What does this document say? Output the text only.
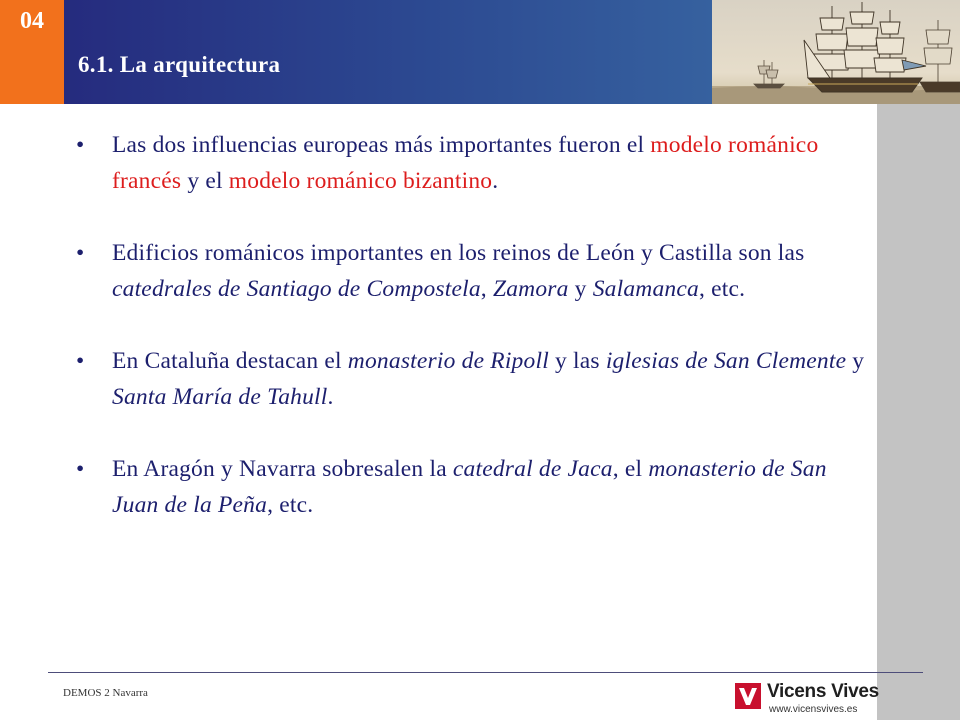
04
6.1. La arquitectura
• Las dos influencias europeas más importantes fueron el modelo románico francés y el modelo románico bizantino.
• Edificios románicos importantes en los reinos de León y Castilla son las catedrales de Santiago de Compostela, Zamora y Salamanca, etc.
• En Cataluña destacan el monasterio de Ripoll y las iglesias de San Clemente y Santa María de Tahull.
• En Aragón y Navarra sobresalen la catedral de Jaca, el monasterio de San Juan de la Peña, etc.
DEMOS 2 Navarra	Vicens Vives
www.vicensvives.es
